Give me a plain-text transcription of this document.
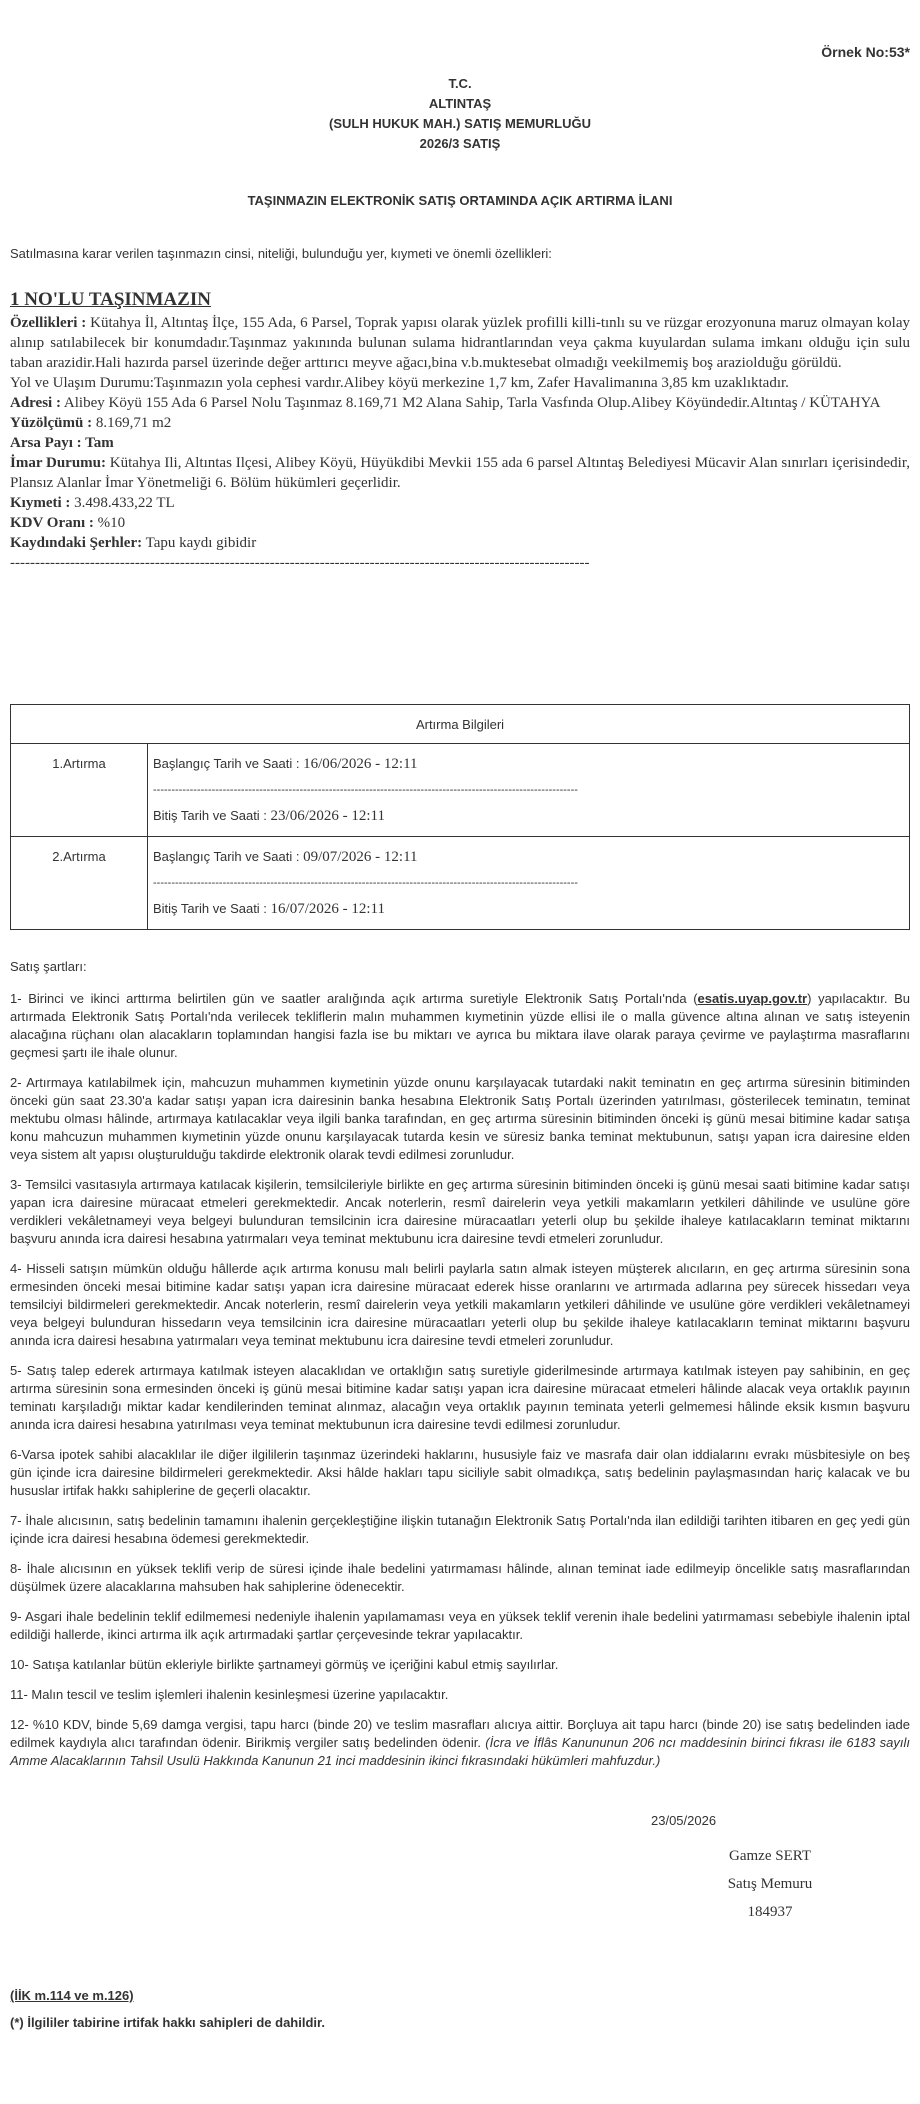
Örnek No:53*
T.C.
ALTINTAŞ
(SULH HUKUK MAH.) SATIŞ MEMURLUĞU
2026/3 SATIŞ
TAŞINMAZIN ELEKTRONİK SATIŞ ORTAMINDA AÇIK ARTIRMA İLANI
Satılmasına karar verilen taşınmazın cinsi, niteliği, bulunduğu yer, kıymeti ve önemli özellikleri:
1 NO'LU TAŞINMAZIN

Özellikleri : Kütahya İl, Altıntaş İlçe, 155 Ada, 6 Parsel, Toprak yapısı olarak yüzlek profilli killi-tınlı su ve rüzgar erozyonuna maruz olmayan kolay alınıp satılabilecek bir konumdadır.Taşınmaz yakınında bulunan sulama hidrantlarından veya çakma kuyulardan sulama imkanı olduğu için sulu taban arazidir.Hali hazırda parsel üzerinde değer arttırıcı meyve ağacı,bina v.b.muktesebat olmadığı veekilmemiş boş araziolduğu görüldü.

Yol ve Ulaşım Durumu:Taşınmazın yola cephesi vardır.Alibey köyü merkezine 1,7 km, Zafer Havalimanına 3,85 km uzaklıktadır.

Adresi : Alibey Köyü 155 Ada 6 Parsel Nolu Taşınmaz 8.169,71 M2 Alana Sahip, Tarla Vasfında Olup.Alibey Köyündedir.Altıntaş / KÜTAHYA

Yüzölçümü : 8.169,71 m2

Arsa Payı : Tam

İmar Durumu: Kütahya Ili, Altıntas Ilçesi, Alibey Köyü, Hüyükdibi Mevkii 155 ada 6 parsel Altıntaş Belediyesi Mücavir Alan sınırları içerisindedir, Plansız Alanlar İmar Yönetmeliği 6. Bölüm hükümleri geçerlidir.

Kıymeti : 3.498.433,22 TL

KDV Oranı : %10

Kaydındaki Şerhler: Tapu kaydı gibidir

--------------------------------------------------------------------------------------------------------------------

Artırma Bilgileri	
1.Artırma	Başlangıç Tarih ve Saati : 16/06/2026 - 12:11
--------------------------------------------------------------------------------------------------------------------
Bitiş Tarih ve Saati : 23/06/2026 - 12:11

2.Artırma	Başlangıç Tarih ve Saati : 09/07/2026 - 12:11
--------------------------------------------------------------------------------------------------------------------
Bitiş Tarih ve Saati : 16/07/2026 - 12:11

Satış şartları:

1- Birinci ve ikinci arttırma belirtilen gün ve saatler aralığında açık artırma suretiyle Elektronik Satış Portalı'nda (esatis.uyap.gov.tr) yapılacaktır. Bu artırmada Elektronik Satış Portalı'nda verilecek tekliflerin malın muhammen kıymetinin yüzde ellisi ile o malla güvence altına alınan ve satış isteyenin alacağına rüçhanı olan alacakların toplamından hangisi fazla ise bu miktarı ve ayrıca bu miktara ilave olarak paraya çevirme ve paylaştırma masraflarını geçmesi şartı ile ihale olunur.

2- Artırmaya katılabilmek için, mahcuzun muhammen kıymetinin yüzde onunu karşılayacak tutardaki nakit teminatın en geç artırma süresinin bitiminden önceki gün saat 23.30'a kadar satışı yapan icra dairesinin banka hesabına Elektronik Satış Portalı üzerinden yatırılması, gösterilecek teminatın, teminat mektubu olması hâlinde, artırmaya katılacaklar veya ilgili banka tarafından, en geç artırma süresinin bitiminden önceki iş günü mesai bitimine kadar satışa konu mahcuzun muhammen kıymetinin yüzde onunu karşılayacak tutarda kesin ve süresiz banka teminat mektubunun, satışı yapan icra dairesine elden veya sistem alt yapısı oluşturulduğu takdirde elektronik olarak tevdi edilmesi zorunludur.

3- Temsilci vasıtasıyla artırmaya katılacak kişilerin, temsilcileriyle birlikte en geç artırma süresinin bitiminden önceki iş günü mesai saati bitimine kadar satışı yapan icra dairesine müracaat etmeleri gerekmektedir. Ancak noterlerin, resmî dairelerin veya yetkili makamların yetkileri dâhilinde ve usulüne göre verdikleri vekâletnameyi veya belgeyi bulunduran temsilcinin icra dairesine müracaatları yeterli olup bu şekilde ihaleye katılacakların teminat miktarını başvuru anında icra dairesi hesabına yatırmaları veya teminat mektubunu icra dairesine tevdi etmeleri zorunludur.

4- Hisseli satışın mümkün olduğu hâllerde açık artırma konusu malı belirli paylarla satın almak isteyen müşterek alıcıların, en geç artırma süresinin sona ermesinden önceki mesai bitimine kadar satışı yapan icra dairesine müracaat ederek hisse oranlarını ve artırmada adlarına pey sürecek hissedarı veya temsilciyi bildirmeleri gerekmektedir. Ancak noterlerin, resmî dairelerin veya yetkili makamların yetkileri dâhilinde ve usulüne göre verdikleri vekâletnameyi veya belgeyi bulunduran hissedarın veya temsilcinin icra dairesine müracaatları yeterli olup bu şekilde ihaleye katılacakların teminat miktarını başvuru anında icra dairesi hesabına yatırmaları veya teminat mektubunu icra dairesine tevdi etmeleri zorunludur.

5- Satış talep ederek artırmaya katılmak isteyen alacaklıdan ve ortaklığın satış suretiyle giderilmesinde artırmaya katılmak isteyen pay sahibinin, en geç artırma süresinin sona ermesinden önceki iş günü mesai bitimine kadar satışı yapan icra dairesine müracaat etmeleri hâlinde alacak veya ortaklık payının teminatı karşıladığı miktar kadar kendilerinden teminat alınmaz, alacağın veya ortaklık payının teminata yeterli gelmemesi hâlinde eksik kısmın başvuru anında icra dairesi hesabına yatırılması veya teminat mektubunun icra dairesine tevdi edilmesi zorunludur.

6-Varsa ipotek sahibi alacaklılar ile diğer ilgililerin taşınmaz üzerindeki haklarını, hususiyle faiz ve masrafa dair olan iddialarını evrakı müsbitesiyle on beş gün içinde icra dairesine bildirmeleri gerekmektedir. Aksi hâlde hakları tapu siciliyle sabit olmadıkça, satış bedelinin paylaşmasından hariç kalacak ve bu hususlar irtifak hakkı sahiplerine de geçerli olacaktır.

7- İhale alıcısının, satış bedelinin tamamını ihalenin gerçekleştiğine ilişkin tutanağın Elektronik Satış Portalı'nda ilan edildiği tarihten itibaren en geç yedi gün içinde icra dairesi hesabına ödemesi gerekmektedir.

8- İhale alıcısının en yüksek teklifi verip de süresi içinde ihale bedelini yatırmaması hâlinde, alınan teminat iade edilmeyip öncelikle satış masraflarından düşülmek üzere alacaklarına mahsuben hak sahiplerine ödenecektir.

9- Asgari ihale bedelinin teklif edilmemesi nedeniyle ihalenin yapılamaması veya en yüksek teklif verenin ihale bedelini yatırmaması sebebiyle ihalenin iptal edildiği hallerde, ikinci artırma ilk açık artırmadaki şartlar çerçevesinde tekrar yapılacaktır.

10- Satışa katılanlar bütün ekleriyle birlikte şartnameyi görmüş ve içeriğini kabul etmiş sayılırlar.

11- Malın tescil ve teslim işlemleri ihalenin kesinleşmesi üzerine yapılacaktır.

12- %10 KDV, binde 5,69 damga vergisi, tapu harcı (binde 20) ve teslim masrafları alıcıya aittir. Borçluya ait tapu harcı (binde 20) ise satış bedelinden iade edilmek kaydıyla alıcı tarafından ödenir. Birikmiş vergiler satış bedelinden ödenir. (İcra ve İflâs Kanununun 206 ncı maddesinin birinci fıkrası ile 6183 sayılı Amme Alacaklarının Tahsil Usulü Hakkında Kanunun 21 inci maddesinin ikinci fıkrasındaki hükümleri mahfuzdur.)

23/05/2026
Gamze SERT
Satış Memuru
184937
(İİK m.114 ve m.126)
(*) İlgililer tabirine irtifak hakkı sahipleri de dahildir.
